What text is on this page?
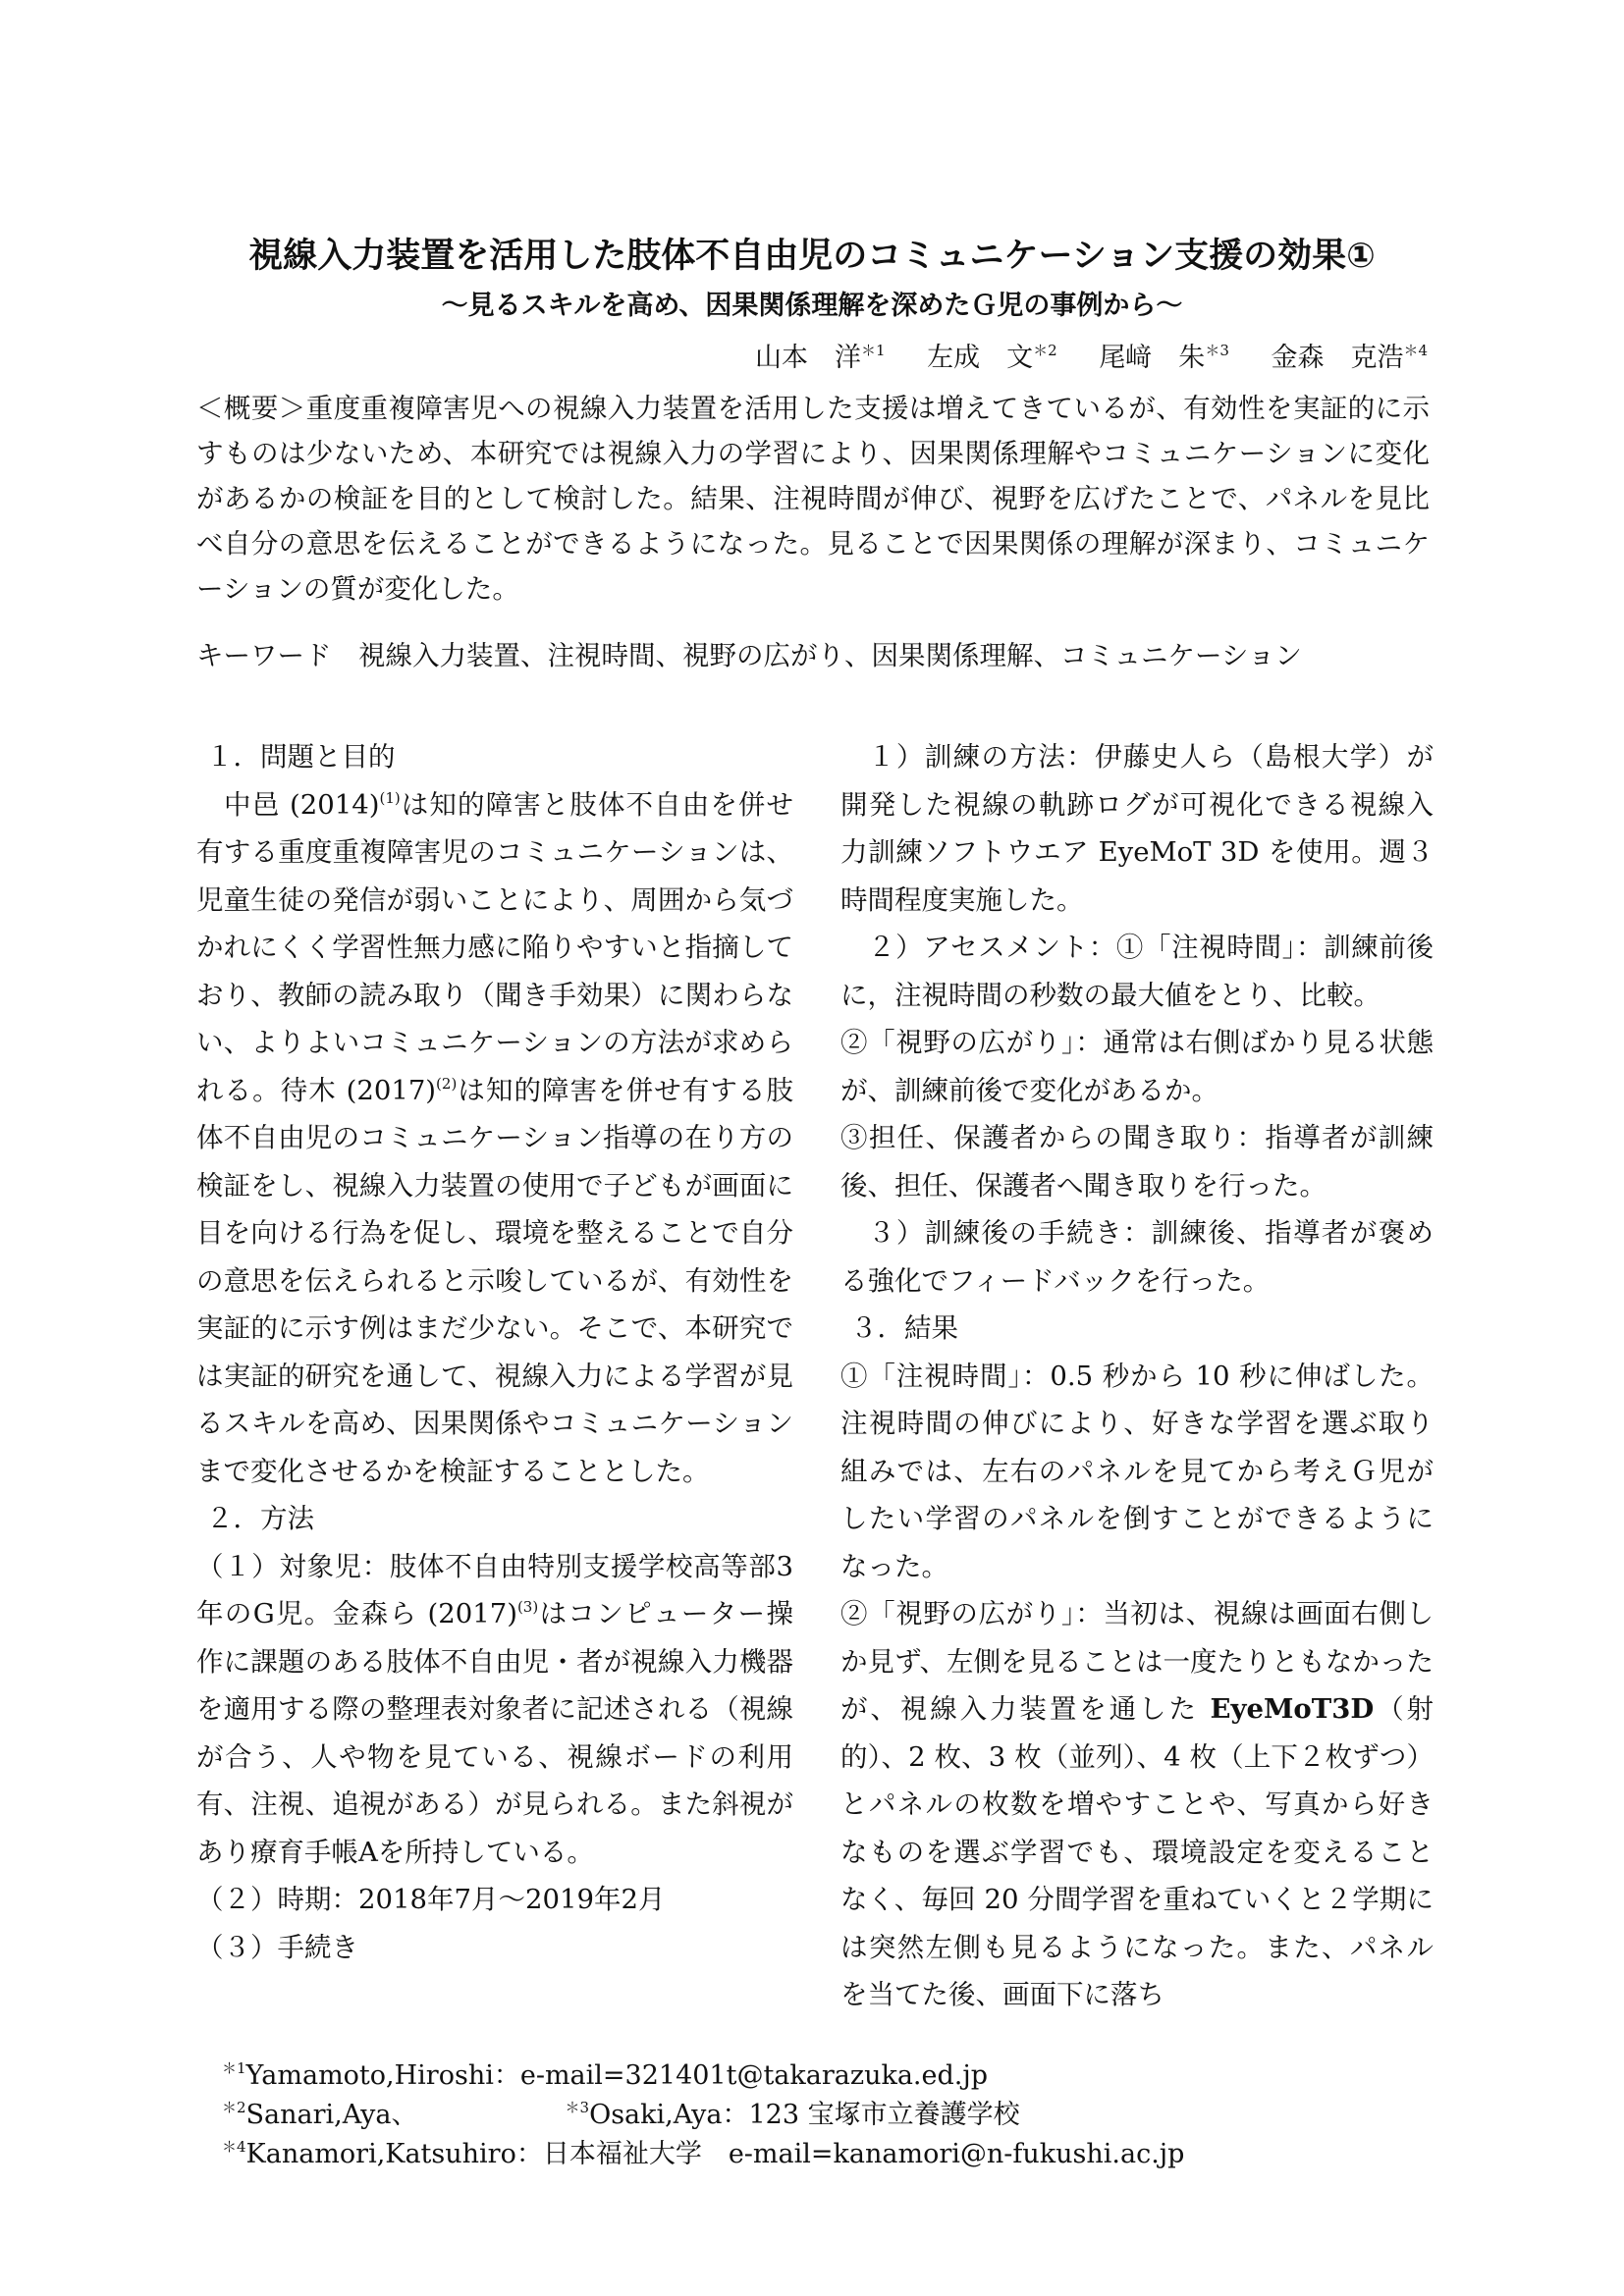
視線入力装置を活用した肢体不自由児のコミュニケーション支援の効果①
～見るスキルを高め、因果関係理解を深めたＧ児の事例から～
山本　洋$^{*1}$ 左成　文$^{*2}$ 尾﨑　朱$^{*3}$ 金森　克浩$^{*4}$

＜概要＞重度重複障害児への視線入力装置を活用した支援は増えてきているが、有効性を実証的に示すものは少ないため、本研究では視線入力の学習により、因果関係理解やコミュニケーションに変化があるかの検証を目的として検討した。結果、注視時間が伸び、視野を広げたことで、パネルを見比べ自分の意思を伝えることができるようになった。見ることで因果関係の理解が深まり、コミュニケーションの質が変化した。

キーワード　視線入力装置、注視時間、視野の広がり、因果関係理解、コミュニケーション

１．問題と目的

中邑 $(2014)^{(1)}$は知的障害と肢体不自由を併せ有する重度重複障害児のコミュニケーションは、児童生徒の発信が弱いことにより、周囲から気づかれにくく学習性無力感に陥りやすいと指摘しており、教師の読み取り（聞き手効果）に関わらない、よりよいコミュニケーションの方法が求められる。待木 $(2017)^{(2)}$は知的障害を併せ有する肢体不自由児のコミュニケーション指導の在り方の検証をし、視線入力装置の使用で子どもが画面に目を向ける行為を促し、環境を整えることで自分の意思を伝えられると示唆しているが、有効性を実証的に示す例はまだ少ない。そこで、本研究では実証的研究を通して、視線入力による学習が見るスキルを高め、因果関係やコミュニケーションまで変化させるかを検証することとした。

２．方法

（１）対象児：肢体不自由特別支援学校高等部3年のG児。金森ら $(2017)^{(3)}$はコンピューター操作に課題のある肢体不自由児・者が視線入力機器を適用する際の整理表対象者に記述される（視線が合う、人や物を見ている、視線ボードの利用有、注視、追視がある）が見られる。また斜視があり療育手帳Aを所持している。

（２）時期：2018年7月～2019年2月

（３）手続き

１）訓練の方法：伊藤史人ら（島根大学）が開発した視線の軌跡ログが可視化できる視線入力訓練ソフトウエア EyeMoT 3D を使用。週３時間程度実施した。

２）アセスメント：①「注視時間」：訓練前後に，注視時間の秒数の最大値をとり、比較。

②「視野の広がり」：通常は右側ばかり見る状態が、訓練前後で変化があるか。

③担任、保護者からの聞き取り：指導者が訓練後、担任、保護者へ聞き取りを行った。

３）訓練後の手続き：訓練後、指導者が褒める強化でフィードバックを行った。

３．結果

①「注視時間」：0.5 秒から 10 秒に伸ばした。注視時間の伸びにより、好きな学習を選ぶ取り組みでは、左右のパネルを見てから考えＧ児がしたい学習のパネルを倒すことができるようになった。

②「視野の広がり」：当初は、視線は画面右側しか見ず、左側を見ることは一度たりともなかったが、視線入力装置を通した EyeMoT3D（射的）、2 枚、3 枚（並列）、4 枚（上下２枚ずつ）とパネルの枚数を増やすことや、写真から好きなものを選ぶ学習でも、環境設定を変えることなく、毎回 20 分間学習を重ねていくと２学期には突然左側も見るようになった。また、パネルを当てた後、画面下に落ち

$^{*1}$Yamamoto,Hiroshi：e-mail=321401t@takarazuka.ed.jp
$^{*2}$Sanari,Aya、	$^{*3}$Osaki,Aya：123 宝塚市立養護学校
$^{*4}$Kanamori,Katsuhiro：日本福祉大学　e-mail=kanamori@n-fukushi.ac.jp
